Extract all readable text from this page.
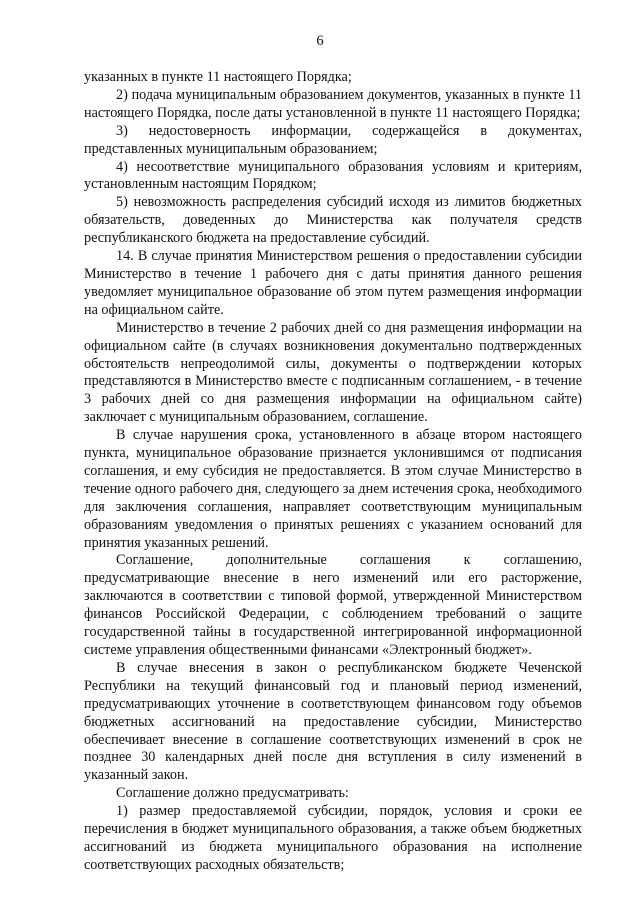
6

указанных в пункте 11 настоящего Порядка;

2) подача муниципальным образованием документов, указанных в пункте 11 настоящего Порядка, после даты установленной в пункте 11 настоящего Порядка;

3) недостоверность информации, содержащейся в документах, представленных муниципальным образованием;

4) несоответствие муниципального образования условиям и критериям, установленным настоящим Порядком;

5) невозможность распределения субсидий исходя из лимитов бюджетных обязательств, доведенных до Министерства как получателя средств республиканского бюджета на предоставление субсидий.

14. В случае принятия Министерством решения о предоставлении субсидии Министерство в течение 1 рабочего дня с даты принятия данного решения уведомляет муниципальное образование об этом путем размещения информации на официальном сайте.

Министерство в течение 2 рабочих дней со дня размещения информации на официальном сайте (в случаях возникновения документально подтвержденных обстоятельств непреодолимой силы, документы о подтверждении которых представляются в Министерство вместе с подписанным соглашением, - в течение 3 рабочих дней со дня размещения информации на официальном сайте) заключает с муниципальным образованием, соглашение.

В случае нарушения срока, установленного в абзаце втором настоящего пункта, муниципальное образование признается уклонившимся от подписания соглашения, и ему субсидия не предоставляется. В этом случае Министерство в течение одного рабочего дня, следующего за днем истечения срока, необходимого для заключения соглашения, направляет соответствующим муниципальным образованиям уведомления о принятых решениях с указанием оснований для принятия указанных решений.

Соглашение, дополнительные соглашения к соглашению, предусматривающие внесение в него изменений или его расторжение, заключаются в соответствии с типовой формой, утвержденной Министерством финансов Российской Федерации, с соблюдением требований о защите государственной тайны в государственной интегрированной информационной системе управления общественными финансами «Электронный бюджет».

В случае внесения в закон о республиканском бюджете Чеченской Республики на текущий финансовый год и плановый период изменений, предусматривающих уточнение в соответствующем финансовом году объемов бюджетных ассигнований на предоставление субсидии, Министерство обеспечивает внесение в соглашение соответствующих изменений в срок не позднее 30 календарных дней после дня вступления в силу изменений в указанный закон.

Соглашение должно предусматривать:

1) размер предоставляемой субсидии, порядок, условия и сроки ее перечисления в бюджет муниципального образования, а также объем бюджетных ассигнований из бюджета муниципального образования на исполнение соответствующих расходных обязательств;
